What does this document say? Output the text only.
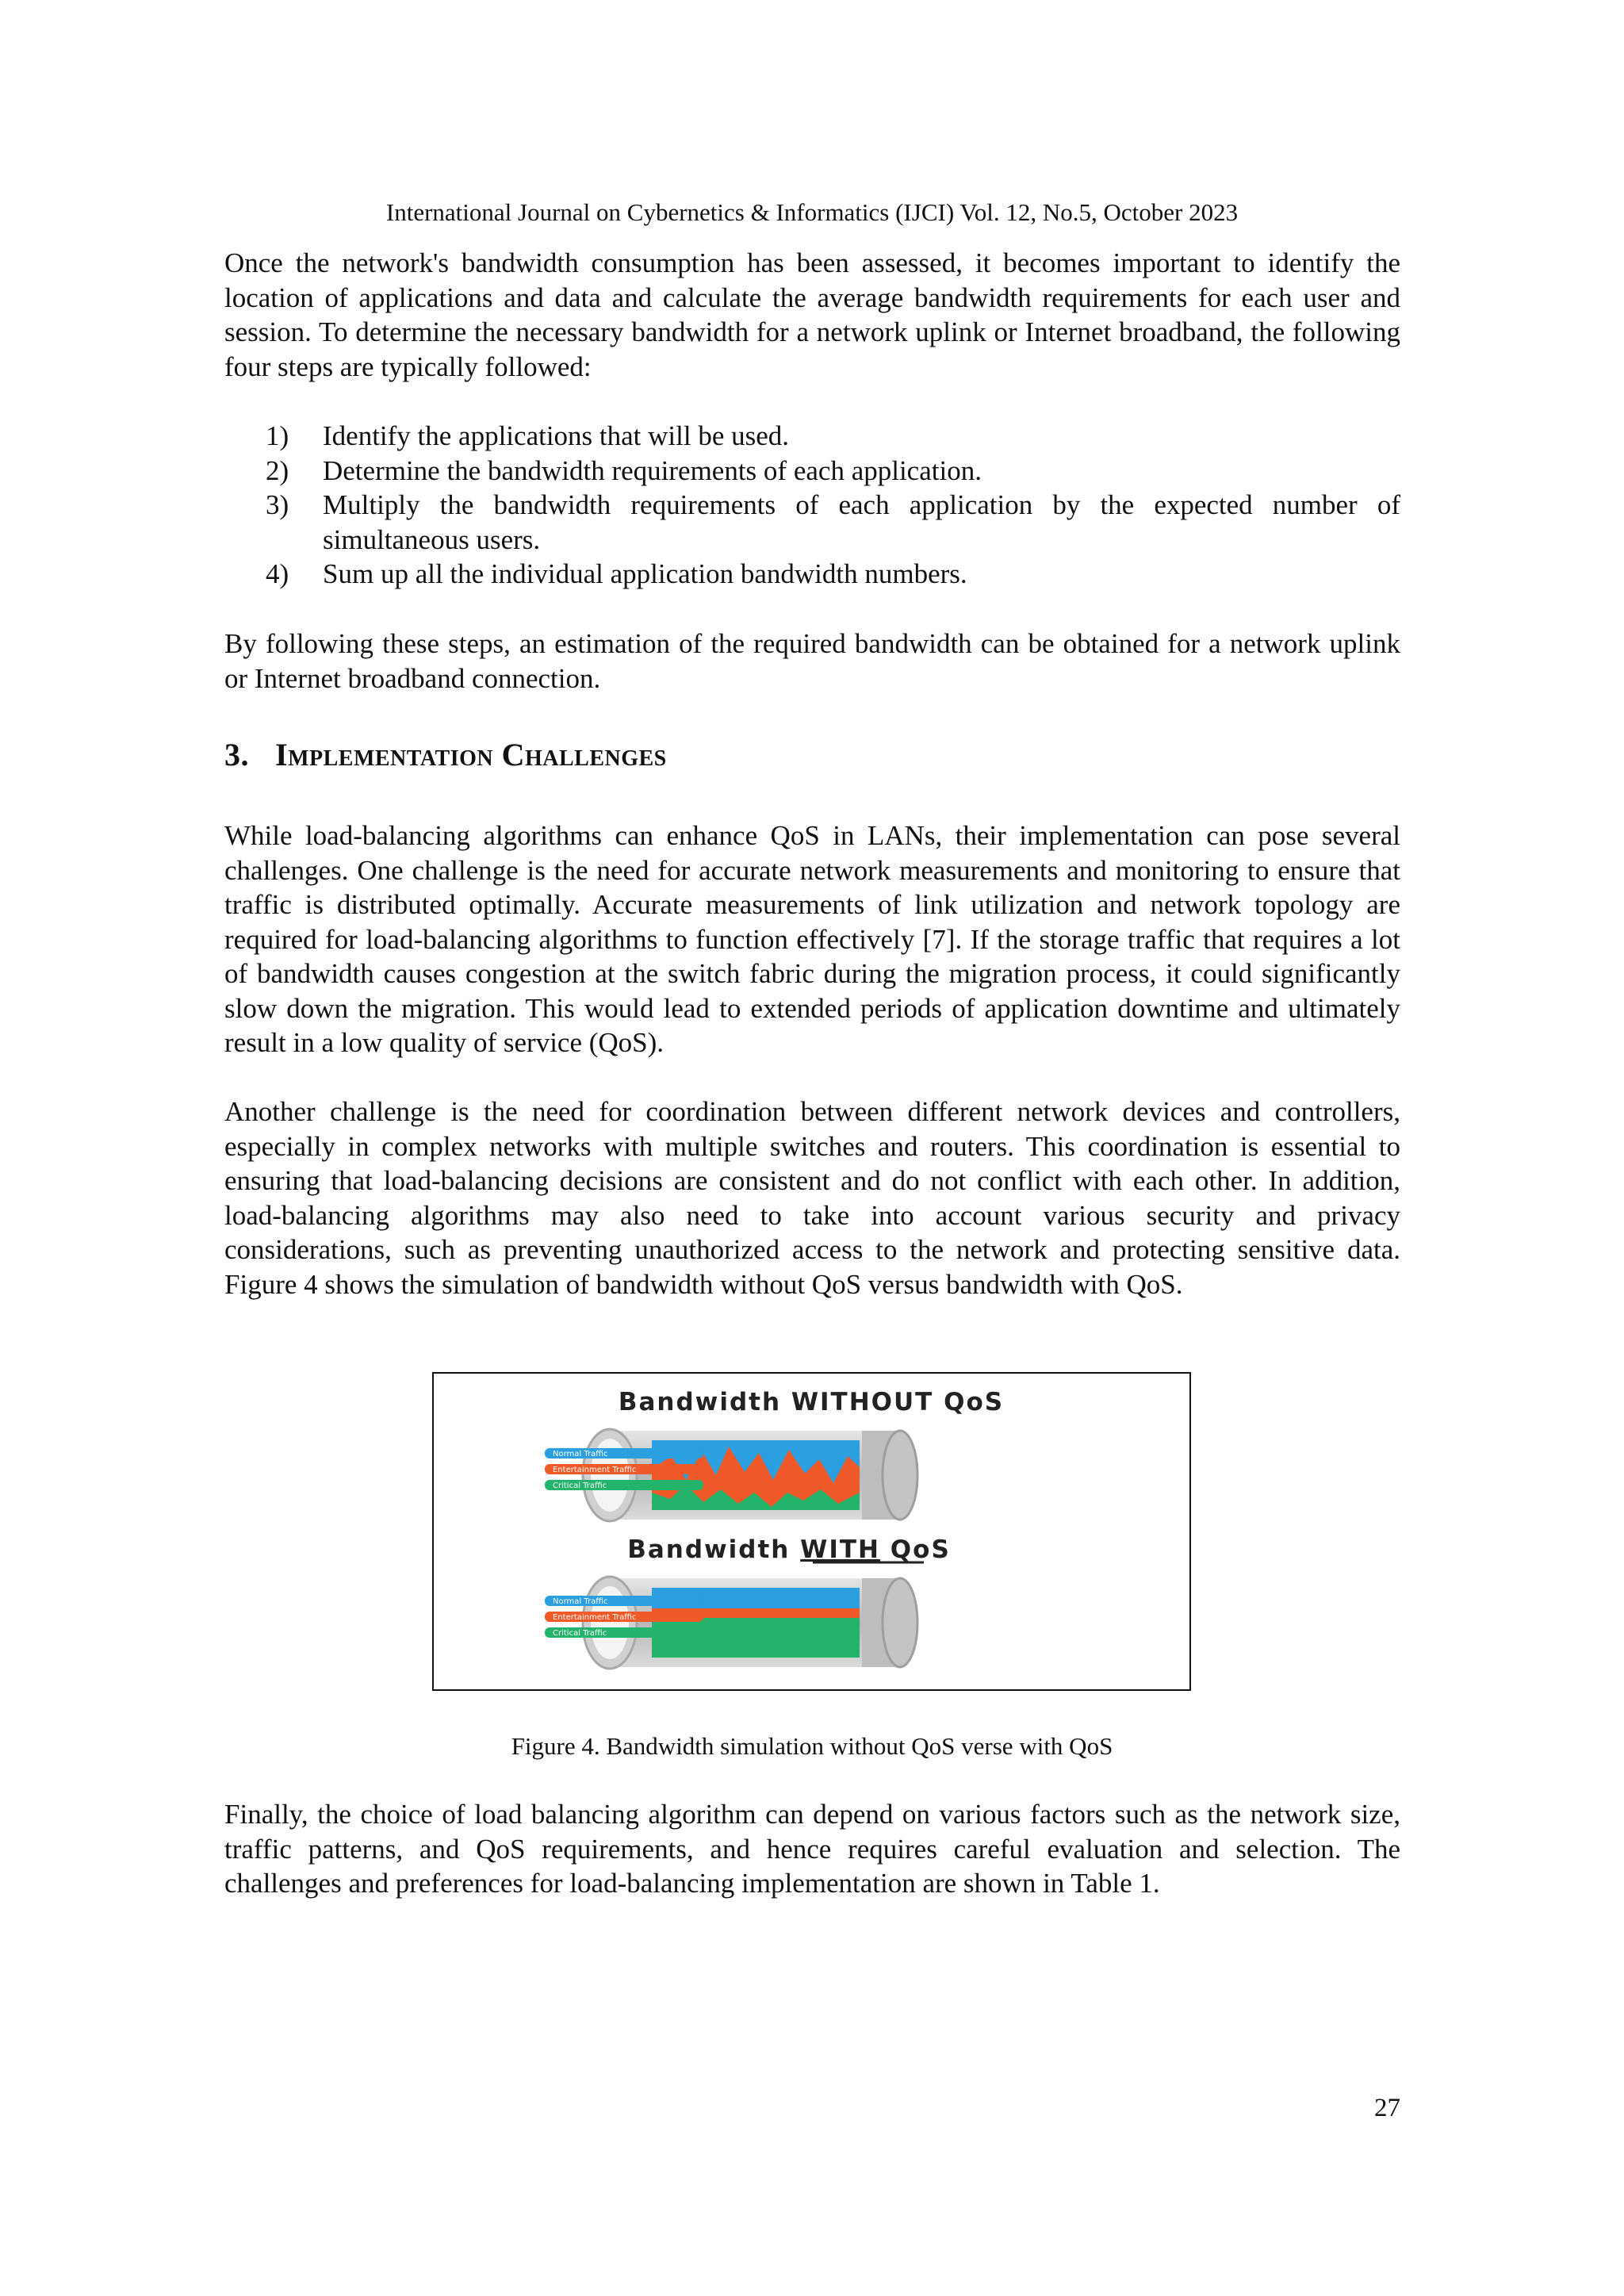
International Journal on Cybernetics & Informatics (IJCI) Vol. 12, No.5, October 2023

Once the network's bandwidth consumption has been assessed, it becomes important to identify the location of applications and data and calculate the average bandwidth requirements for each user and session. To determine the necessary bandwidth for a network uplink or Internet broadband, the following four steps are typically followed:

1) Identify the applications that will be used.
2) Determine the bandwidth requirements of each application.
3) Multiply the bandwidth requirements of each application by the expected number of simultaneous users.
4) Sum up all the individual application bandwidth numbers.

By following these steps, an estimation of the required bandwidth can be obtained for a network uplink or Internet broadband connection.

3. Implementation Challenges

While load-balancing algorithms can enhance QoS in LANs, their implementation can pose several challenges. One challenge is the need for accurate network measurements and monitoring to ensure that traffic is distributed optimally. Accurate measurements of link utilization and network topology are required for load-balancing algorithms to function effectively [7]. If the storage traffic that requires a lot of bandwidth causes congestion at the switch fabric during the migration process, it could significantly slow down the migration. This would lead to extended periods of application downtime and ultimately result in a low quality of service (QoS).

Another challenge is the need for coordination between different network devices and controllers, especially in complex networks with multiple switches and routers. This coordination is essential to ensuring that load-balancing decisions are consistent and do not conflict with each other. In addition, load-balancing algorithms may also need to take into account various security and privacy considerations, such as preventing unauthorized access to the network and protecting sensitive data. Figure 4 shows the simulation of bandwidth without QoS versus bandwidth with QoS.

Bandwidth WITHOUT QoS
Normal Traffic
Entertainment Traffic
Critical Traffic
Bandwidth WITH QoS
Normal Traffic
Entertainment Traffic
Critical Traffic
Figure 4. Bandwidth simulation without QoS verse with QoS

Finally, the choice of load balancing algorithm can depend on various factors such as the network size, traffic patterns, and QoS requirements, and hence requires careful evaluation and selection. The challenges and preferences for load-balancing implementation are shown in Table 1.

27
